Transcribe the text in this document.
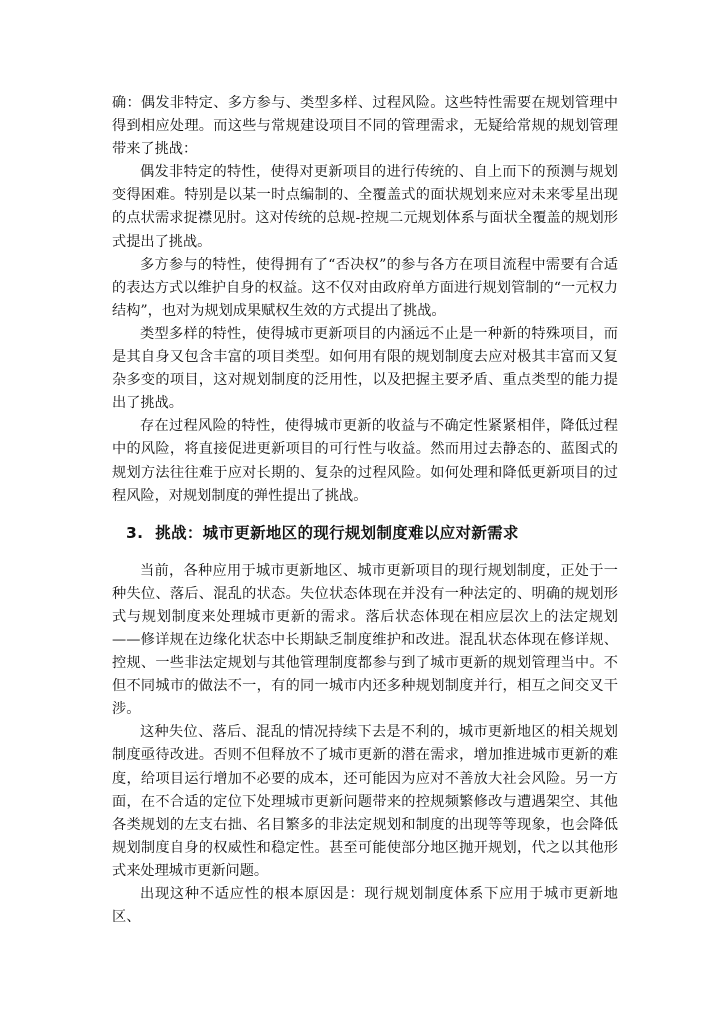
确：偶发非特定、多方参与、类型多样、过程风险。这些特性需要在规划管理中得到相应处理。而这些与常规建设项目不同的管理需求，无疑给常规的规划管理带来了挑战：

偶发非特定的特性，使得对更新项目的进行传统的、自上而下的预测与规划变得困难。特别是以某一时点编制的、全覆盖式的面状规划来应对未来零星出现的点状需求捉襟见肘。这对传统的总规-控规二元规划体系与面状全覆盖的规划形式提出了挑战。

多方参与的特性，使得拥有了“否决权”的参与各方在项目流程中需要有合适的表达方式以维护自身的权益。这不仅对由政府单方面进行规划管制的“一元权力结构”，也对为规划成果赋权生效的方式提出了挑战。

类型多样的特性，使得城市更新项目的内涵远不止是一种新的特殊项目，而是其自身又包含丰富的项目类型。如何用有限的规划制度去应对极其丰富而又复杂多变的项目，这对规划制度的泛用性，以及把握主要矛盾、重点类型的能力提出了挑战。

存在过程风险的特性，使得城市更新的收益与不确定性紧紧相伴，降低过程中的风险，将直接促进更新项目的可行性与收益。然而用过去静态的、蓝图式的规划方法往往难于应对长期的、复杂的过程风险。如何处理和降低更新项目的过程风险，对规划制度的弹性提出了挑战。

3. 挑战：城市更新地区的现行规划制度难以应对新需求

当前，各种应用于城市更新地区、城市更新项目的现行规划制度，正处于一种失位、落后、混乱的状态。失位状态体现在并没有一种法定的、明确的规划形式与规划制度来处理城市更新的需求。落后状态体现在相应层次上的法定规划——修详规在边缘化状态中长期缺乏制度维护和改进。混乱状态体现在修详规、控规、一些非法定规划与其他管理制度都参与到了城市更新的规划管理当中。不但不同城市的做法不一，有的同一城市内还多种规划制度并行，相互之间交叉干涉。

这种失位、落后、混乱的情况持续下去是不利的，城市更新地区的相关规划制度亟待改进。否则不但释放不了城市更新的潜在需求，增加推进城市更新的难度，给项目运行增加不必要的成本，还可能因为应对不善放大社会风险。另一方面，在不合适的定位下处理城市更新问题带来的控规频繁修改与遭遇架空、其他各类规划的左支右拙、名目繁多的非法定规划和制度的出现等等现象，也会降低规划制度自身的权威性和稳定性。甚至可能使部分地区抛开规划，代之以其他形式来处理城市更新问题。

出现这种不适应性的根本原因是：现行规划制度体系下应用于城市更新地区、
